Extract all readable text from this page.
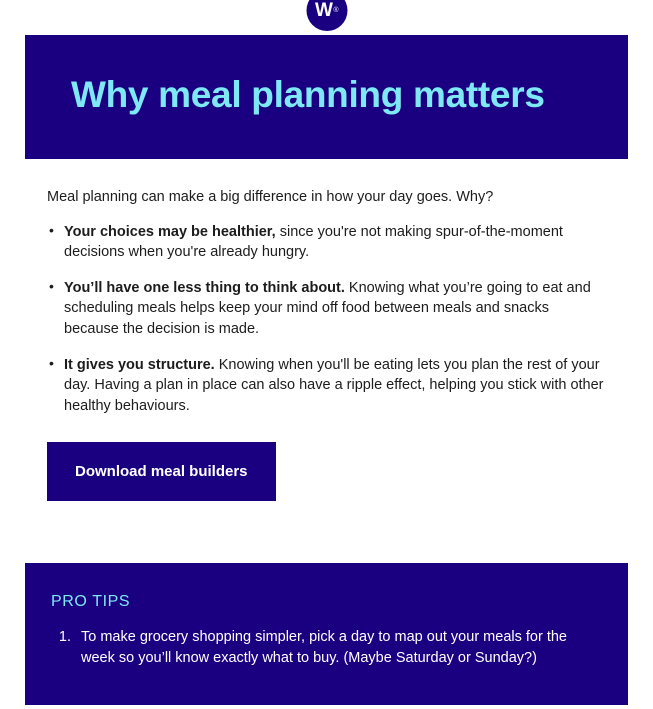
W ®
Why meal planning matters

Meal planning can make a big difference in how your day goes. Why?

• Your choices may be healthier, since you're not making spur-of-the-moment decisions when you're already hungry.
• You’ll have one less thing to think about. Knowing what you’re going to eat and scheduling meals helps keep your mind off food between meals and snacks because the decision is made.
• It gives you structure. Knowing when you'll be eating lets you plan the rest of your day. Having a plan in place can also have a ripple effect, helping you stick with other healthy behaviours.
Download meal builders
PRO TIPS
1. To make grocery shopping simpler, pick a day to map out your meals for the week so you’ll know exactly what to buy. (Maybe Saturday or Sunday?)
